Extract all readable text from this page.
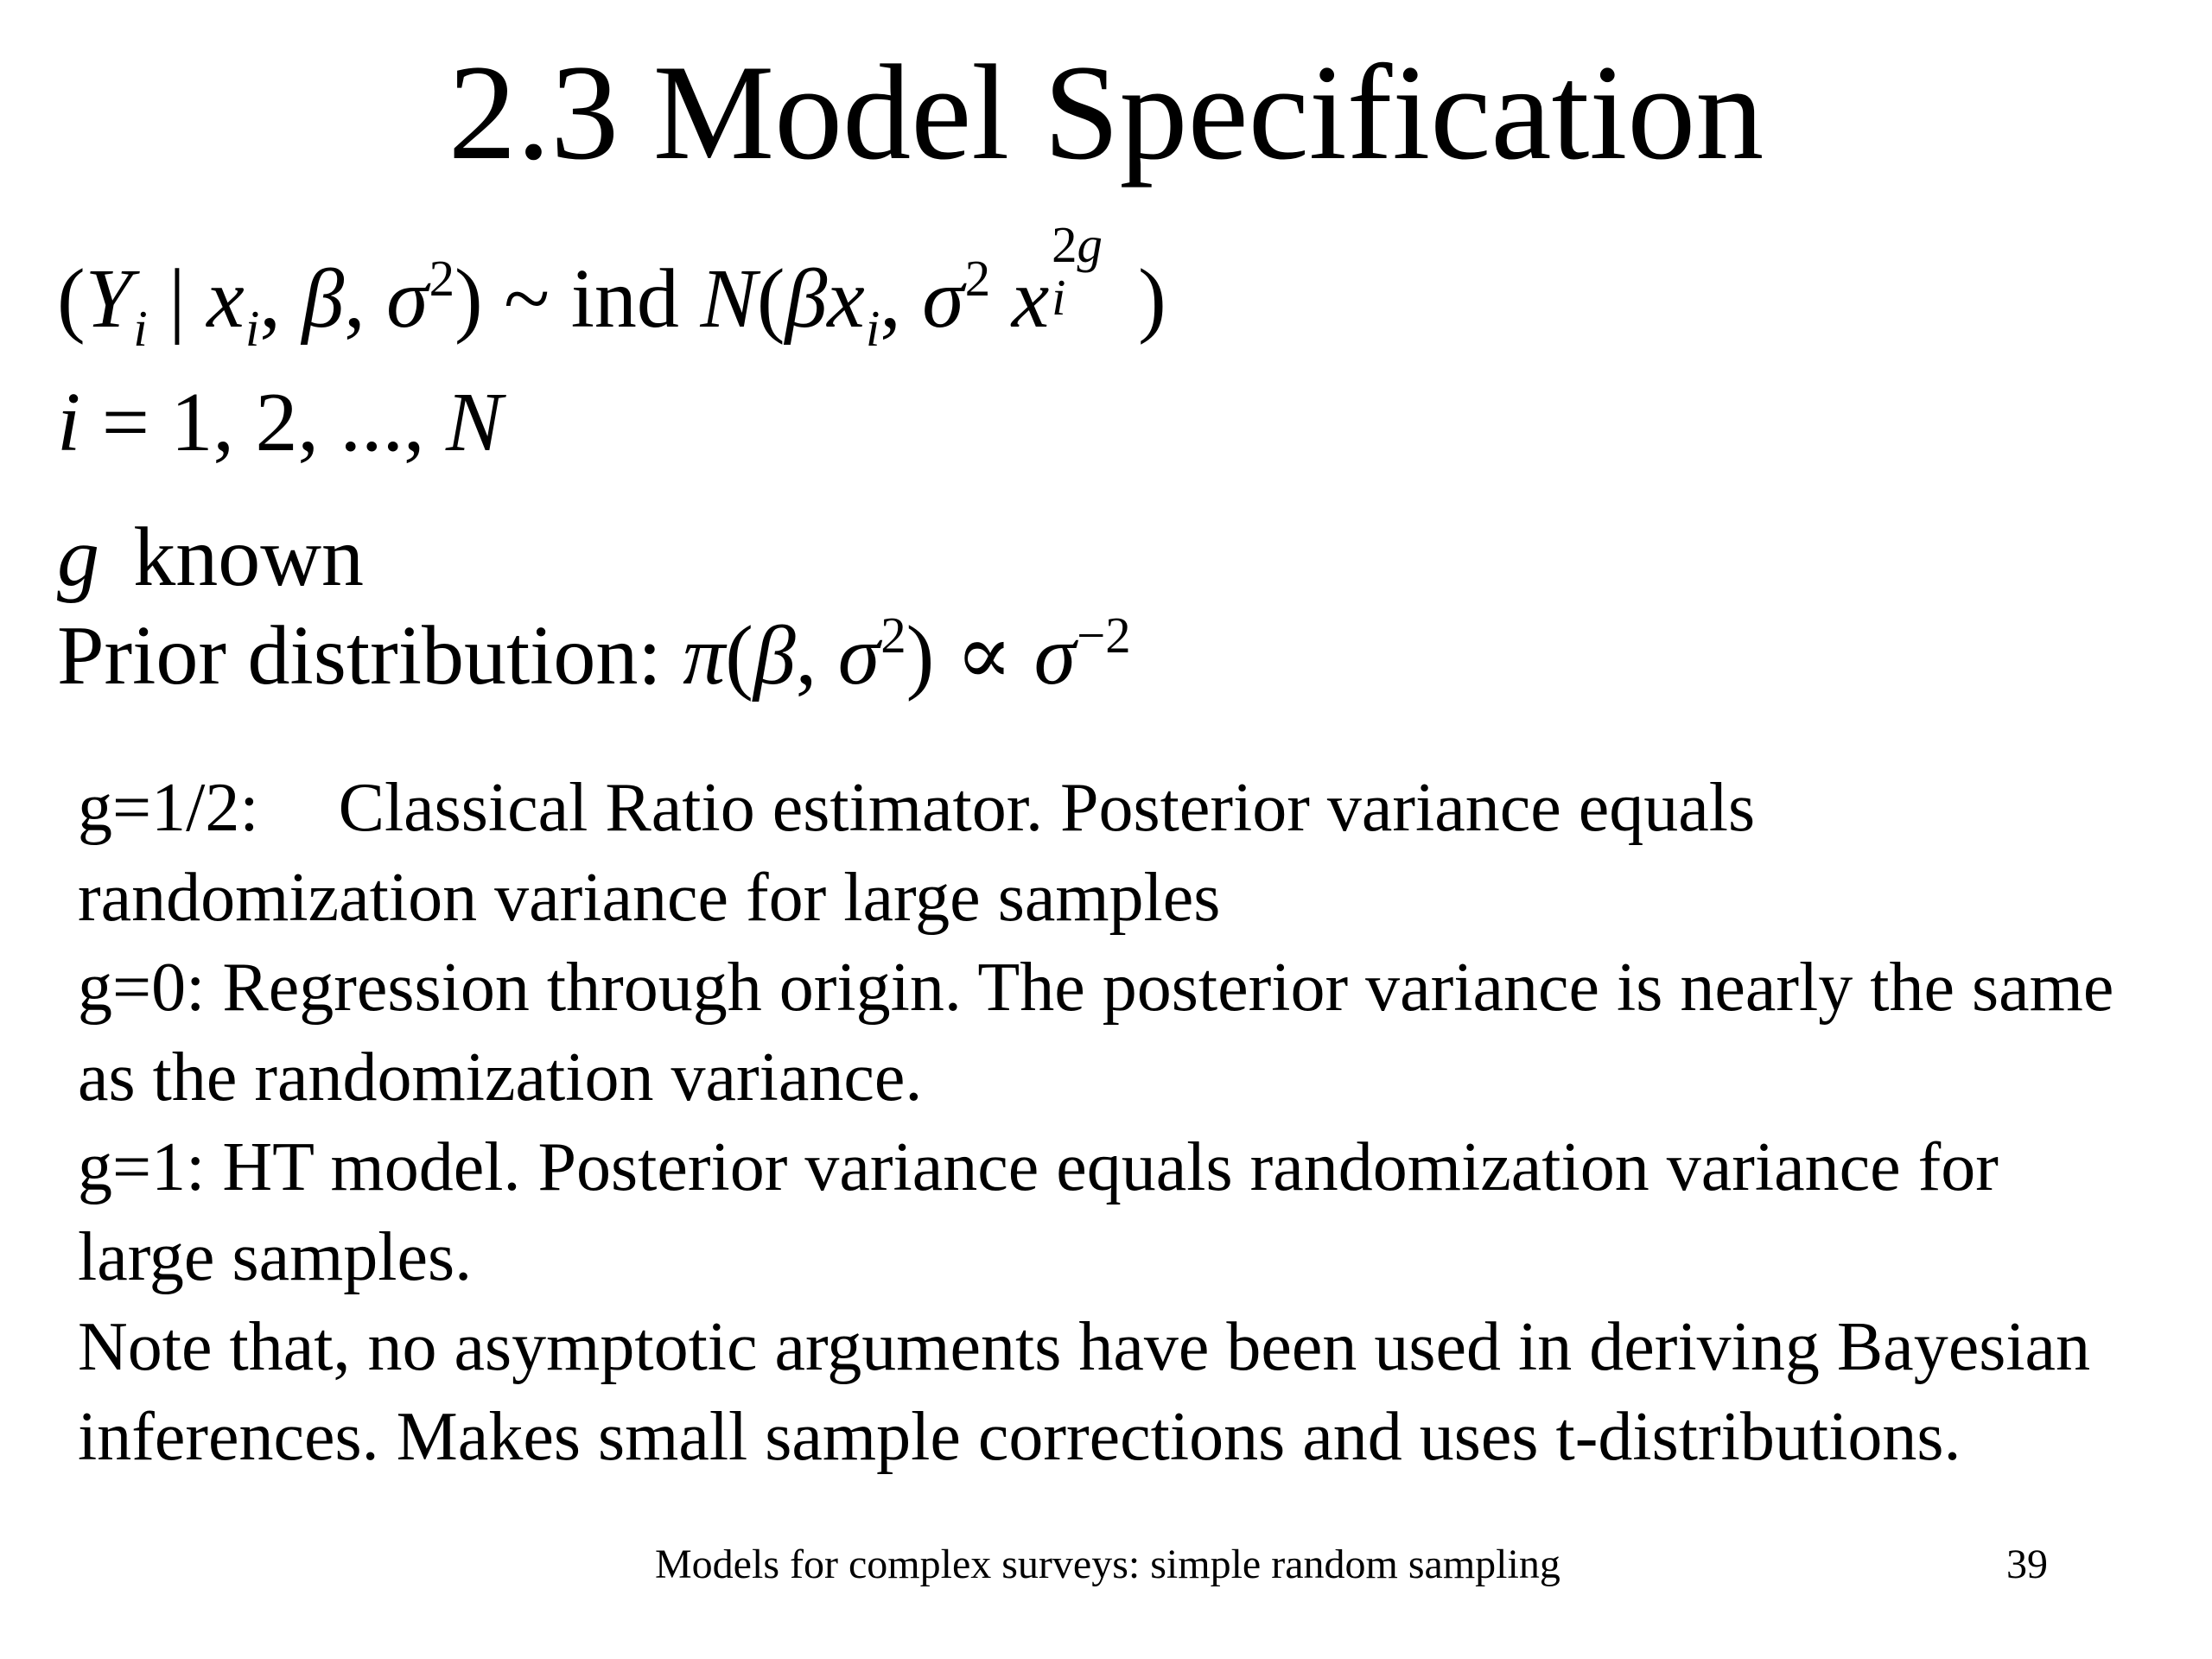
2.3 Model Specification
($Y_i$ | $x_i$, β, $\sigma^2$) ~ ind $N(\beta x_i$, $\sigma^2$ x
2g
i )
i = 1, 2, ..., N
g known
Prior distribution: π(β, $\sigma^2) \propto \sigma^{-2}$

g=1/2: Classical Ratio estimator. Posterior variance equals randomization variance for large samples

g=0: Regression through origin. The posterior variance is nearly the same as the randomization variance.

g=1: HT model. Posterior variance equals randomization variance for large samples.

Note that, no asymptotic arguments have been used in deriving Bayesian inferences. Makes small sample corrections and uses t-distributions.

Models for complex surveys: simple random sampling	39
